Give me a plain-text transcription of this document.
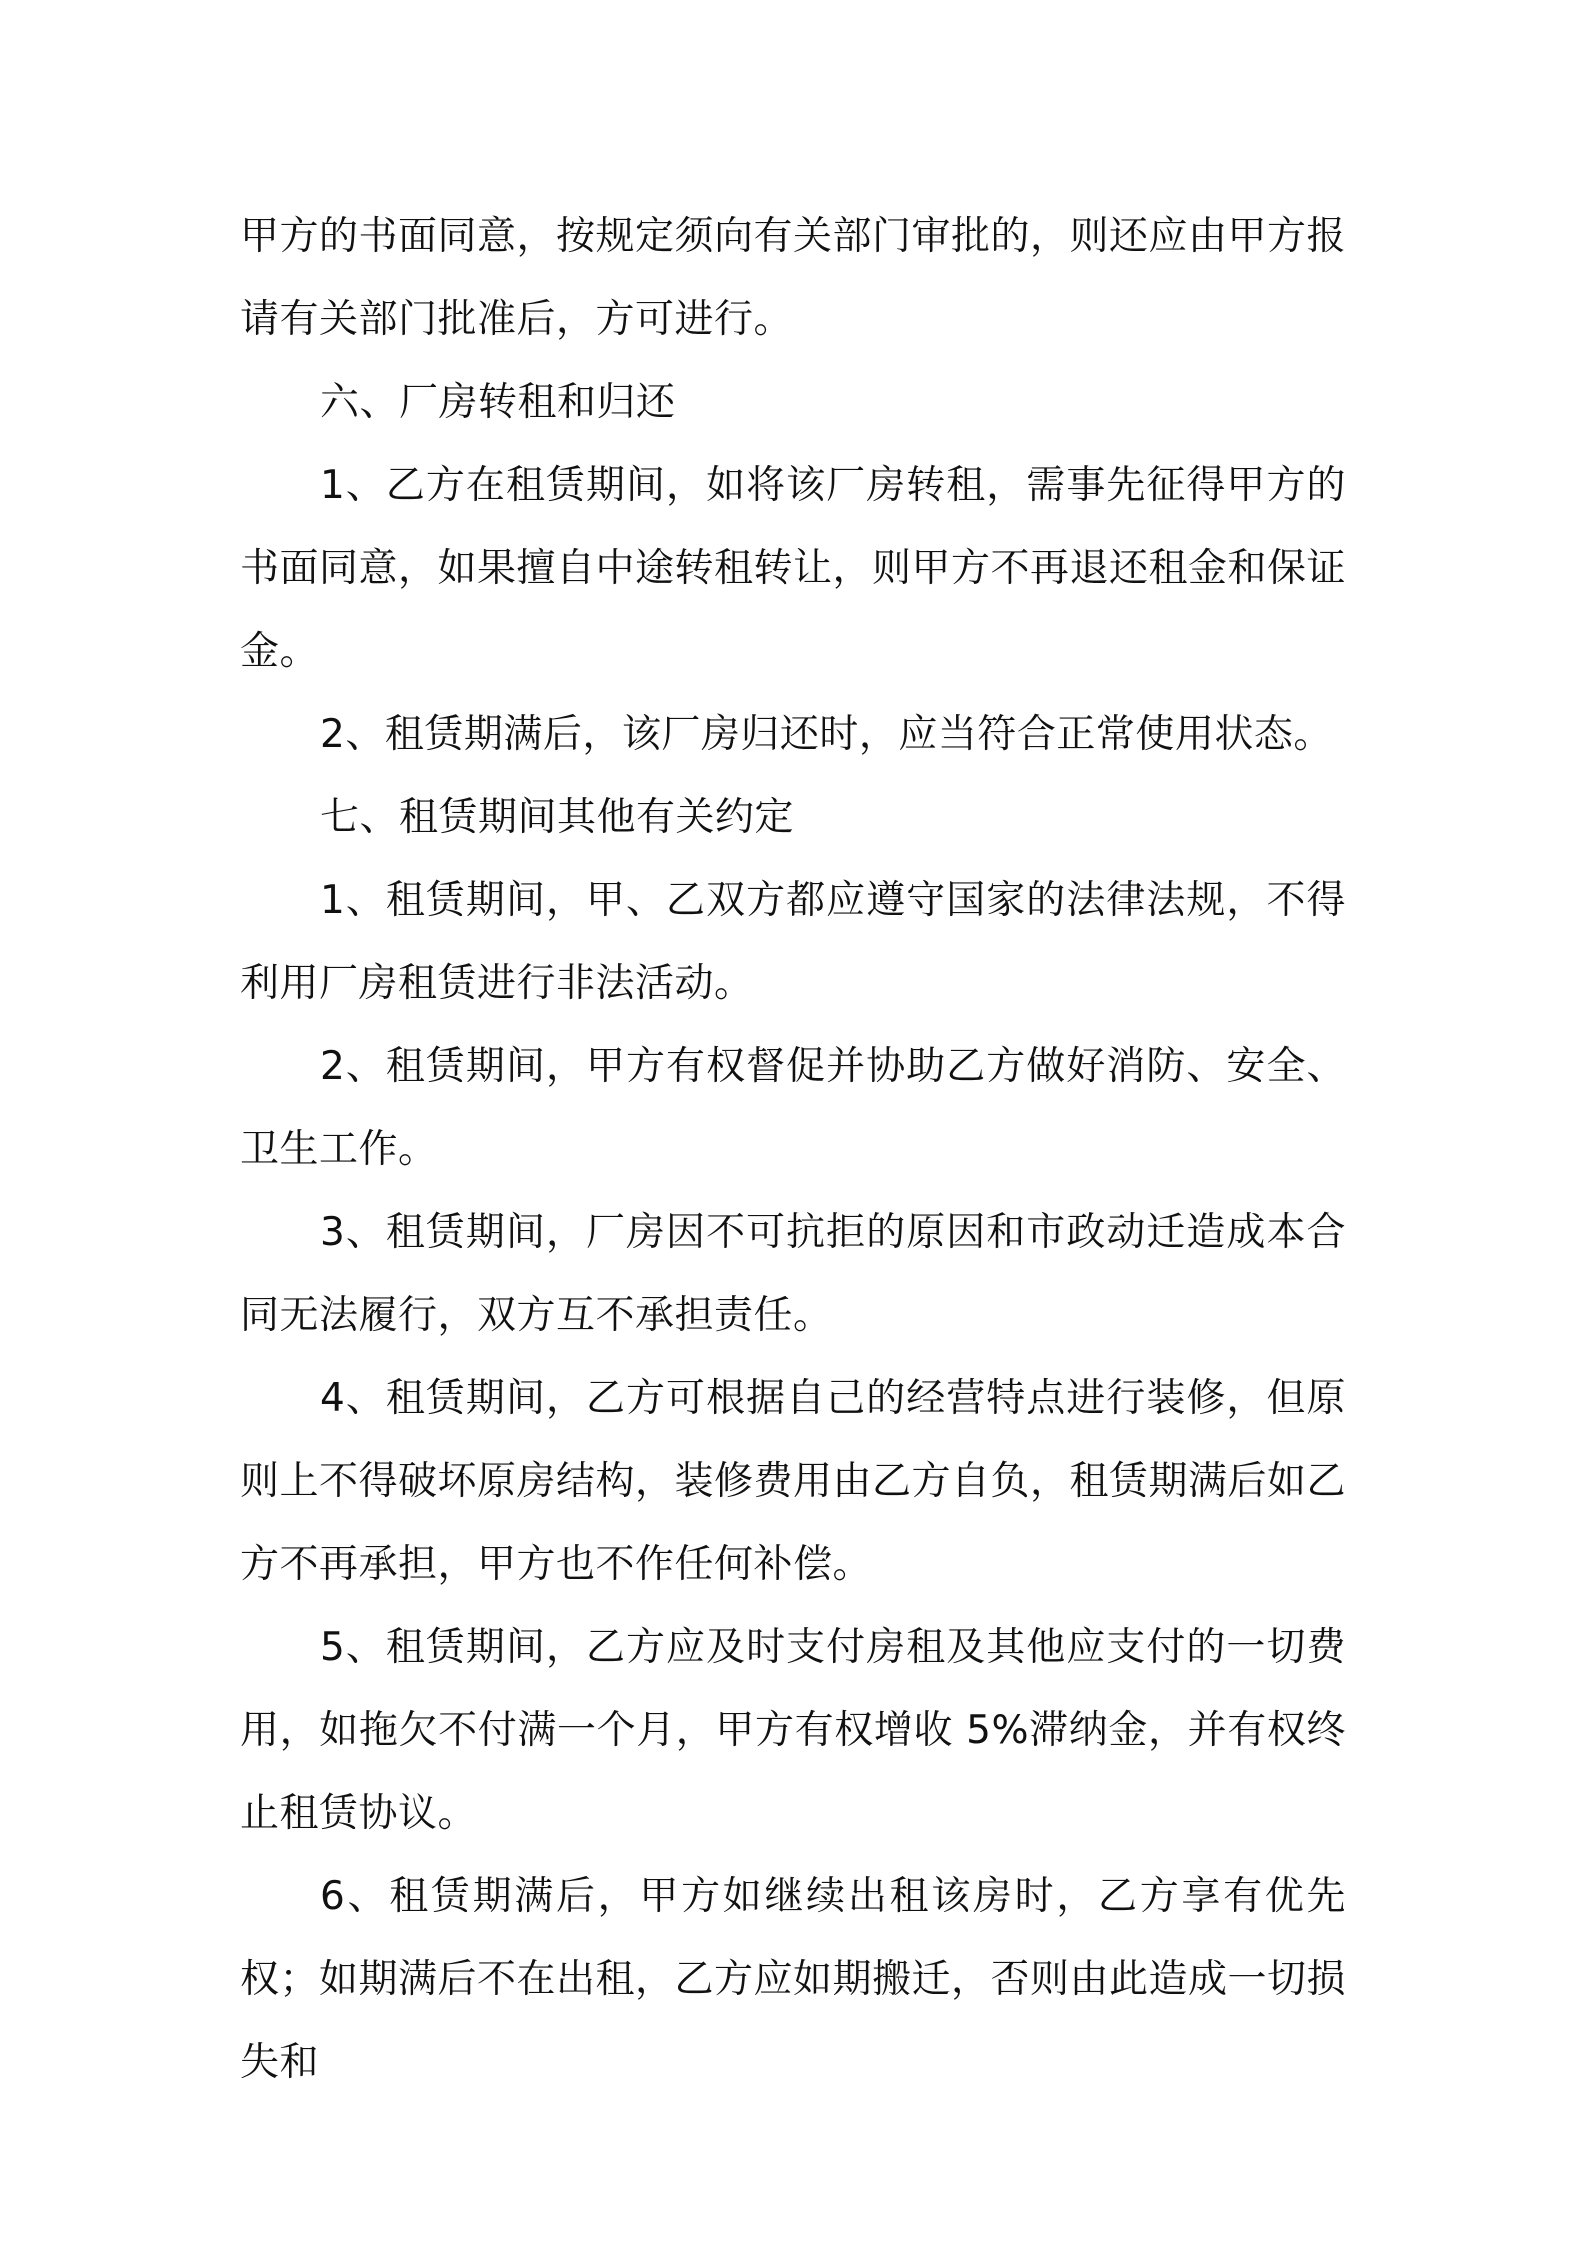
甲方的书面同意，按规定须向有关部门审批的，则还应由甲方报请有关部门批准后，方可进行。

六、厂房转租和归还

1、乙方在租赁期间，如将该厂房转租，需事先征得甲方的书面同意，如果擅自中途转租转让，则甲方不再退还租金和保证金。

2、租赁期满后，该厂房归还时，应当符合正常使用状态。

七、租赁期间其他有关约定

1、租赁期间，甲、乙双方都应遵守国家的法律法规，不得利用厂房租赁进行非法活动。

2、租赁期间，甲方有权督促并协助乙方做好消防、安全、卫生工作。

3、租赁期间，厂房因不可抗拒的原因和市政动迁造成本合同无法履行，双方互不承担责任。

4、租赁期间，乙方可根据自己的经营特点进行装修，但原则上不得破坏原房结构，装修费用由乙方自负，租赁期满后如乙方不再承担，甲方也不作任何补偿。

5、租赁期间，乙方应及时支付房租及其他应支付的一切费用，如拖欠不付满一个月，甲方有权增收 5%滞纳金，并有权终止租赁协议。

6、租赁期满后，甲方如继续出租该房时，乙方享有优先权；如期满后不在出租，乙方应如期搬迁，否则由此造成一切损失和
